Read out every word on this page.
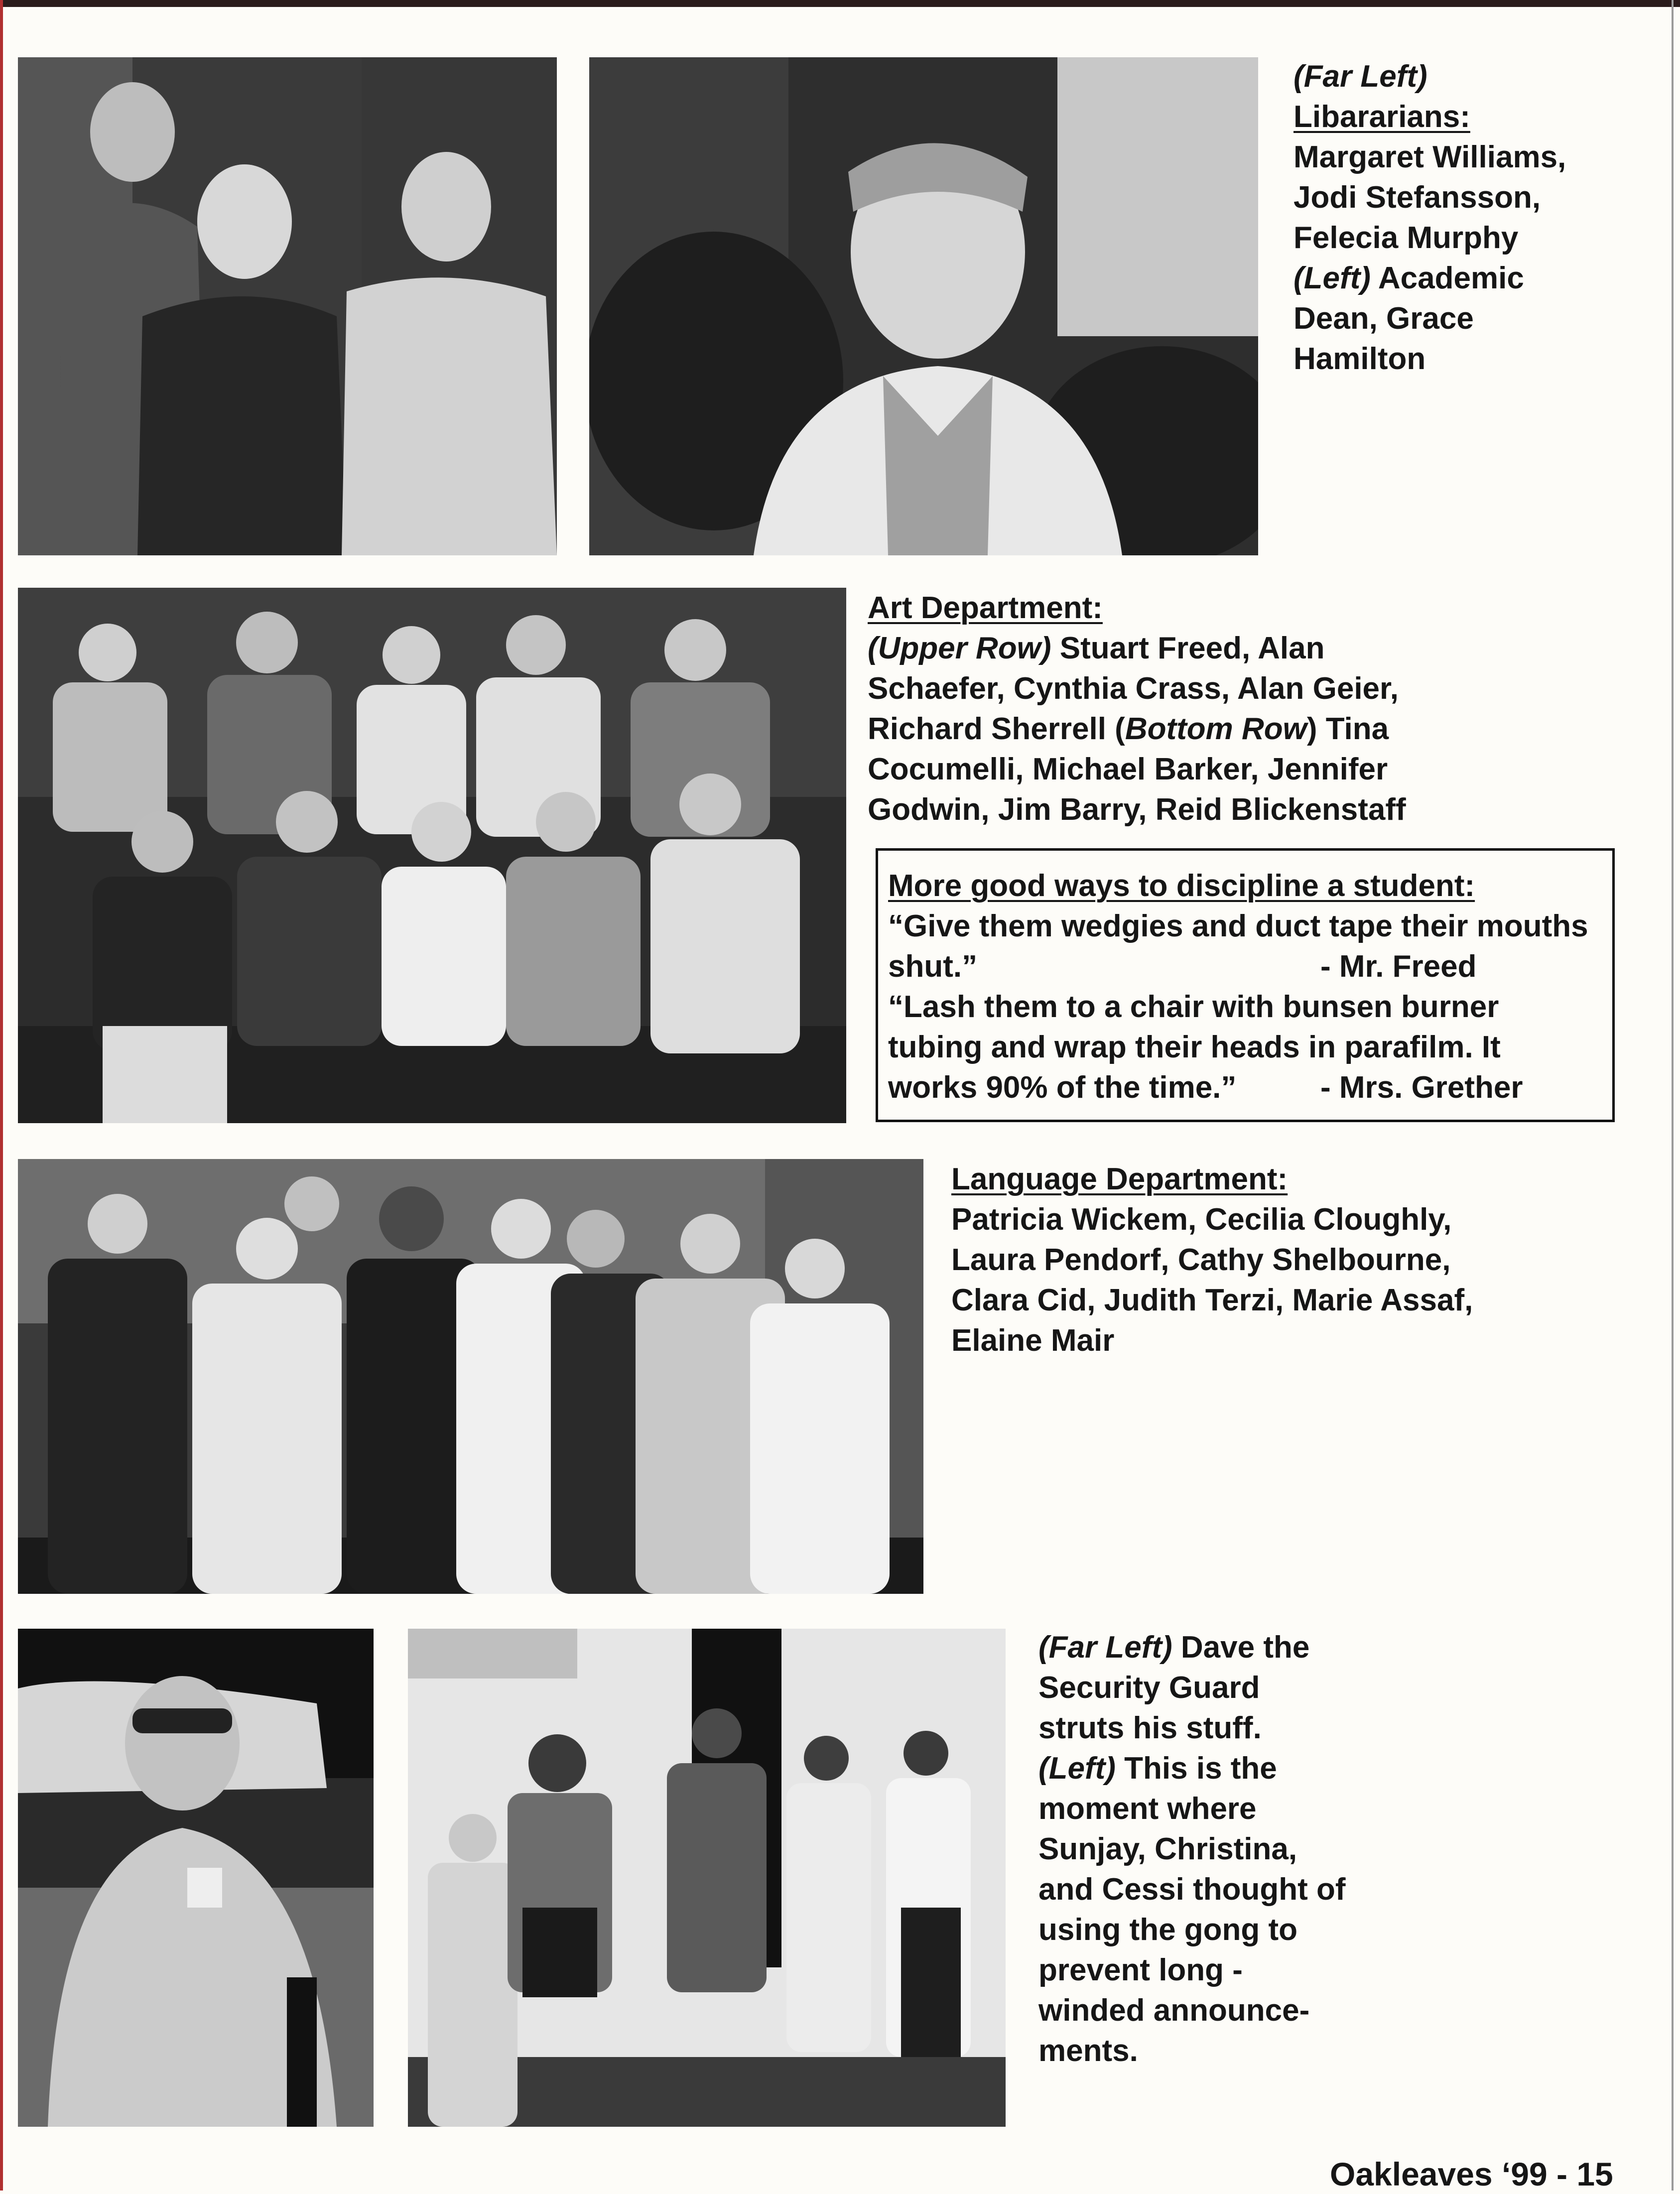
(Far Left)
Libararians:
Margaret Williams,
Jodi Stefansson,
Felecia Murphy
(Left) Academic
Dean, Grace
Hamilton
Art Department:
(Upper Row) Stuart Freed, Alan
Schaefer, Cynthia Crass, Alan Geier,
Richard Sherrell (Bottom Row) Tina
Cocumelli, Michael Barker, Jennifer
Godwin, Jim Barry, Reid Blickenstaff
More good ways to discipline a student:
“Give them wedgies and duct tape their mouths
shut.”	- Mr. Freed
“Lash them to a chair with bunsen burner
tubing and wrap their heads in parafilm. It
works 90% of the time.”	- Mrs. Grether
Language Department:
Patricia Wickem, Cecilia Cloughly,
Laura Pendorf, Cathy Shelbourne,
Clara Cid, Judith Terzi, Marie Assaf,
Elaine Mair
(Far Left) Dave the
Security Guard
struts his stuff.
(Left) This is the
moment where
Sunjay, Christina,
and Cessi thought of
using the gong to
prevent long -
winded announce-
ments.
Oakleaves ‘99 - 15
